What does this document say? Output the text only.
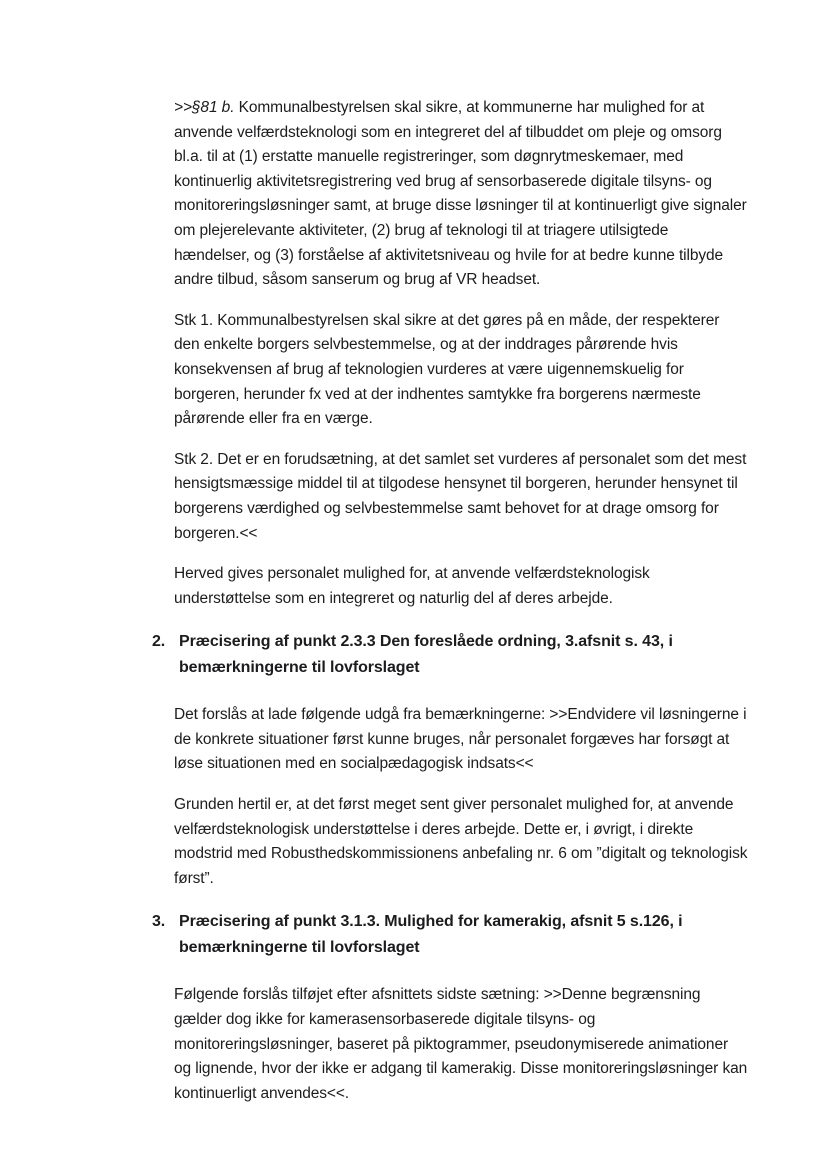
>>§81 b. Kommunalbestyrelsen skal sikre, at kommunerne har mulighed for at anvende velfærdsteknologi som en integreret del af tilbuddet om pleje og omsorg bl.a. til at (1) erstatte manuelle registreringer, som døgnrytmeskemaer, med kontinuerlig aktivitetsregistrering ved brug af sensorbaserede digitale tilsyns- og monitoreringsløsninger samt, at bruge disse løsninger til at kontinuerligt give signaler om plejerelevante aktiviteter, (2) brug af teknologi til at triagere utilsigtede hændelser, og (3) forståelse af aktivitetsniveau og hvile for at bedre kunne tilbyde andre tilbud, såsom sanserum og brug af VR headset.

Stk 1. Kommunalbestyrelsen skal sikre at det gøres på en måde, der respekterer den enkelte borgers selvbestemmelse, og at der inddrages pårørende hvis konsekvensen af brug af teknologien vurderes at være uigennemskuelig for borgeren, herunder fx ved at der indhentes samtykke fra borgerens nærmeste pårørende eller fra en værge.

Stk 2. Det er en forudsætning, at det samlet set vurderes af personalet som det mest hensigtsmæssige middel til at tilgodese hensynet til borgeren, herunder hensynet til borgerens værdighed og selvbestemmelse samt behovet for at drage omsorg for borgeren.<<

Herved gives personalet mulighed for, at anvende velfærdsteknologisk understøttelse som en integreret og naturlig del af deres arbejde.

2. Præcisering af punkt 2.3.3 Den foreslåede ordning, 3.afsnit s. 43, i bemærkningerne til lovforslaget

Det forslås at lade følgende udgå fra bemærkningerne: >>Endvidere vil løsningerne i de konkrete situationer først kunne bruges, når personalet forgæves har forsøgt at løse situationen med en socialpædagogisk indsats<<

Grunden hertil er, at det først meget sent giver personalet mulighed for, at anvende velfærdsteknologisk understøttelse i deres arbejde. Dette er, i øvrigt, i direkte modstrid med Robusthedskommissionens anbefaling nr. 6 om ”digitalt og teknologisk først”.

3. Præcisering af punkt 3.1.3. Mulighed for kamerakig, afsnit 5 s.126, i bemærkningerne til lovforslaget

Følgende forslås tilføjet efter afsnittets sidste sætning: >>Denne begrænsning gælder dog ikke for kamerasensorbaserede digitale tilsyns- og monitoreringsløsninger, baseret på piktogrammer, pseudonymiserede animationer og lignende, hvor der ikke er adgang til kamerakig. Disse monitoreringsløsninger kan kontinuerligt anvendes<<.
